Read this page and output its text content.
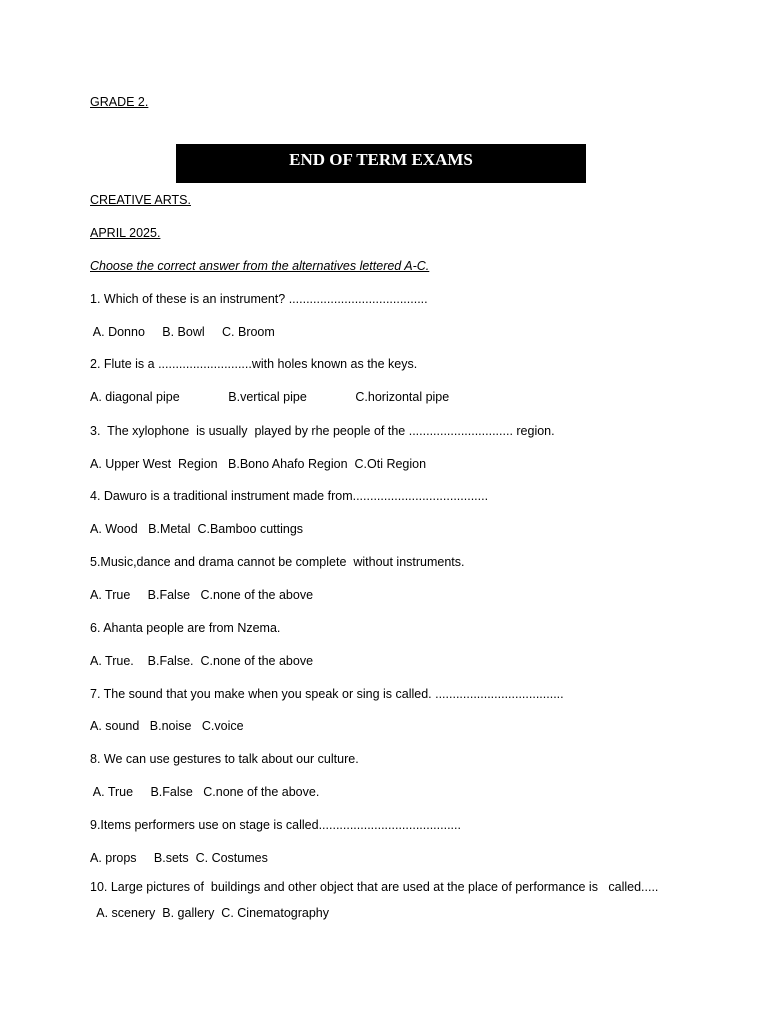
GRADE 2.
END OF TERM EXAMS
CREATIVE ARTS.
APRIL 2025.
Choose the correct answer from the alternatives lettered A-C.
1. Which of these is an instrument? ........................................
A. Donno     B. Bowl     C. Broom
2. Flute is a ...........................with holes known as the keys.
A. diagonal pipe              B.vertical pipe              C.horizontal pipe
3.  The xylophone  is usually  played by rhe people of the .............................. region.
A. Upper West  Region   B.Bono Ahafo Region  C.Oti Region
4. Dawuro is a traditional instrument made from.......................................
A. Wood   B.Metal  C.Bamboo cuttings
5.Music,dance and drama cannot be complete  without instruments.
A. True     B.False   C.none of the above
6. Ahanta people are from Nzema.
A. True.    B.False.  C.none of the above
7. The sound that you make when you speak or sing is called. .....................................
A. sound   B.noise   C.voice
8. We can use gestures to talk about our culture.
A. True     B.False   C.none of the above.
9.Items performers use on stage is called.........................................
A. props     B.sets  C. Costumes
10. Large pictures of  buildings and other object that are used at the place of performance is   called.....
A. scenery  B. gallery  C. Cinematography
